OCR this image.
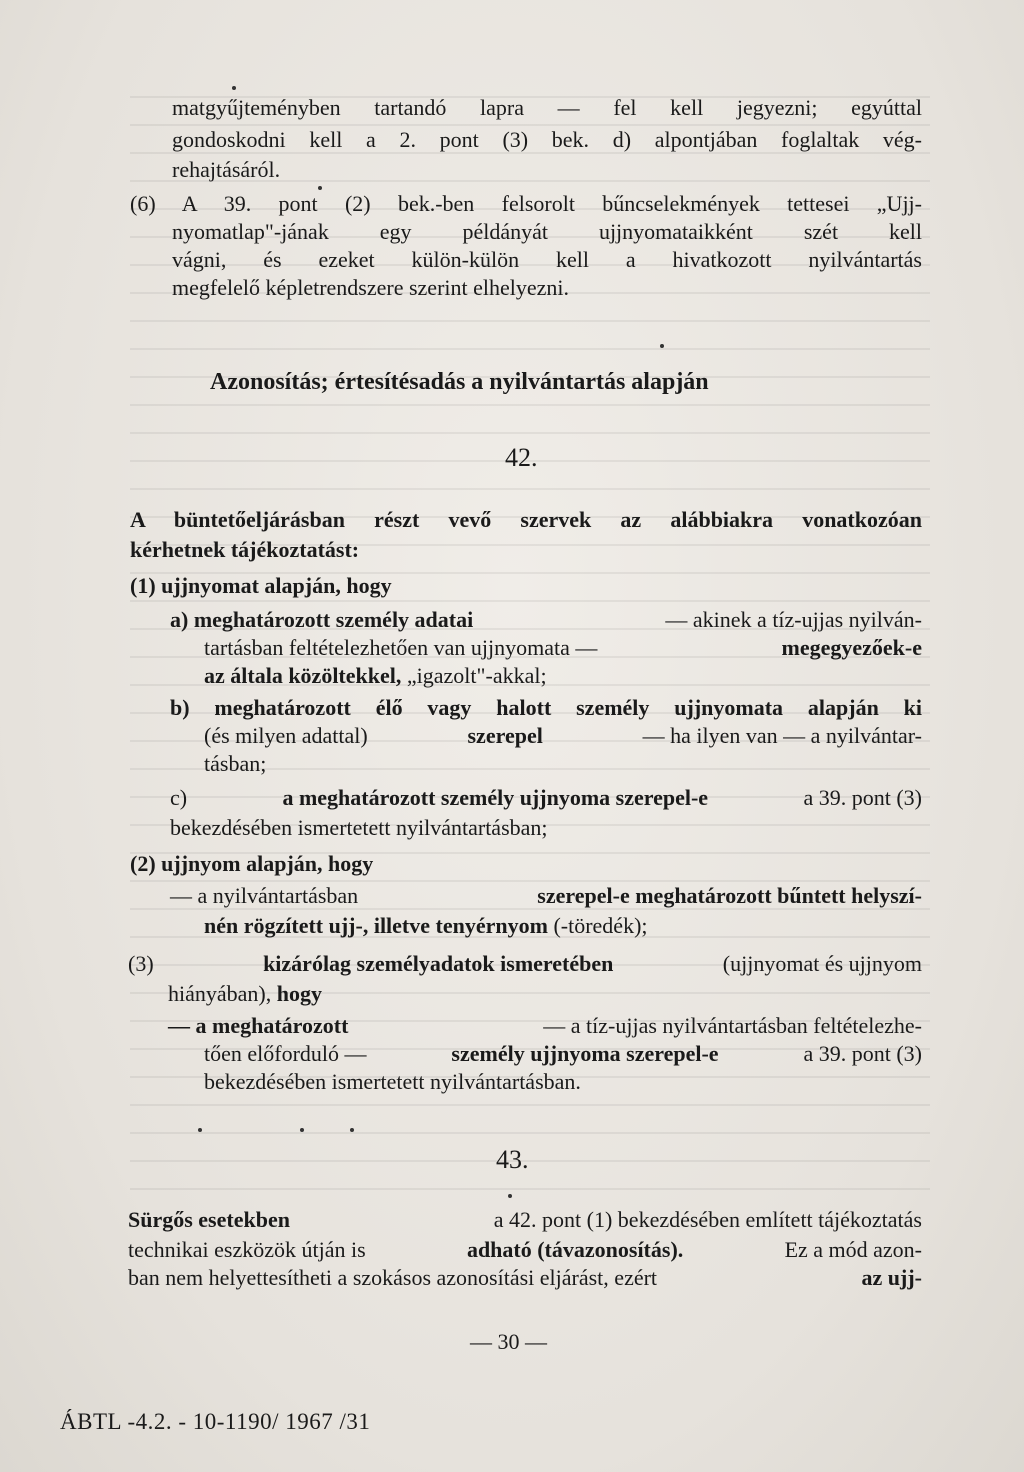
matgyűjteményben tartandó lapra — fel kell jegyezni; egyúttal
gondoskodni kell a 2. pont (3) bek. d) alpontjában foglaltak vég-
rehajtásáról.
(6) A 39. pont (2) bek.-ben felsorolt bűncselekmények tettesei „Ujj-
nyomatlap"-jának egy példányát ujjnyomataikként szét kell
vágni, és ezeket külön-külön kell a hivatkozott nyilvántartás
megfelelő képletrendszere szerint elhelyezni.
Azonosítás; értesítésadás a nyilvántartás alapján
42.
A büntetőeljárásban részt vevő szervek az alábbiakra vonatkozóan
kérhetnek tájékoztatást:
(1) ujjnyomat alapján, hogy
a) meghatározott személy adatai	— akinek a tíz-ujjas nyilván-
tartásban feltételezhetően van ujjnyomata —	megegyezőek-e
az általa közöltekkel, „igazolt"-akkal;
b) meghatározott élő vagy halott személy ujjnyomata alapján ki
(és milyen adattal)	szerepel	— ha ilyen van — a nyilvántar-
tásban;
c)	a meghatározott személy ujjnyoma szerepel-e	a 39. pont (3)
bekezdésében ismertetett nyilvántartásban;
(2) ujjnyom alapján, hogy
— a nyilvántartásban	szerepel-e meghatározott bűntett helyszí-
nén rögzített ujj-, illetve tenyérnyom (-töredék);
(3)	kizárólag személyadatok ismeretében	(ujjnyomat és ujjnyom
hiányában), hogy
— a meghatározott	— a tíz-ujjas nyilvántartásban feltételezhe-
tően előforduló —	személy ujjnyoma szerepel-e	a 39. pont (3)
bekezdésében ismertetett nyilvántartásban.
43.
Sürgős esetekben	a 42. pont (1) bekezdésében említett tájékoztatás
technikai eszközök útján is	adható (távazonosítás).	Ez a mód azon-
ban nem helyettesítheti a szokásos azonosítási eljárást, ezért	az ujj-
— 30 —
ÁBTL -4.2. - 10-1190/ 1967 /31
